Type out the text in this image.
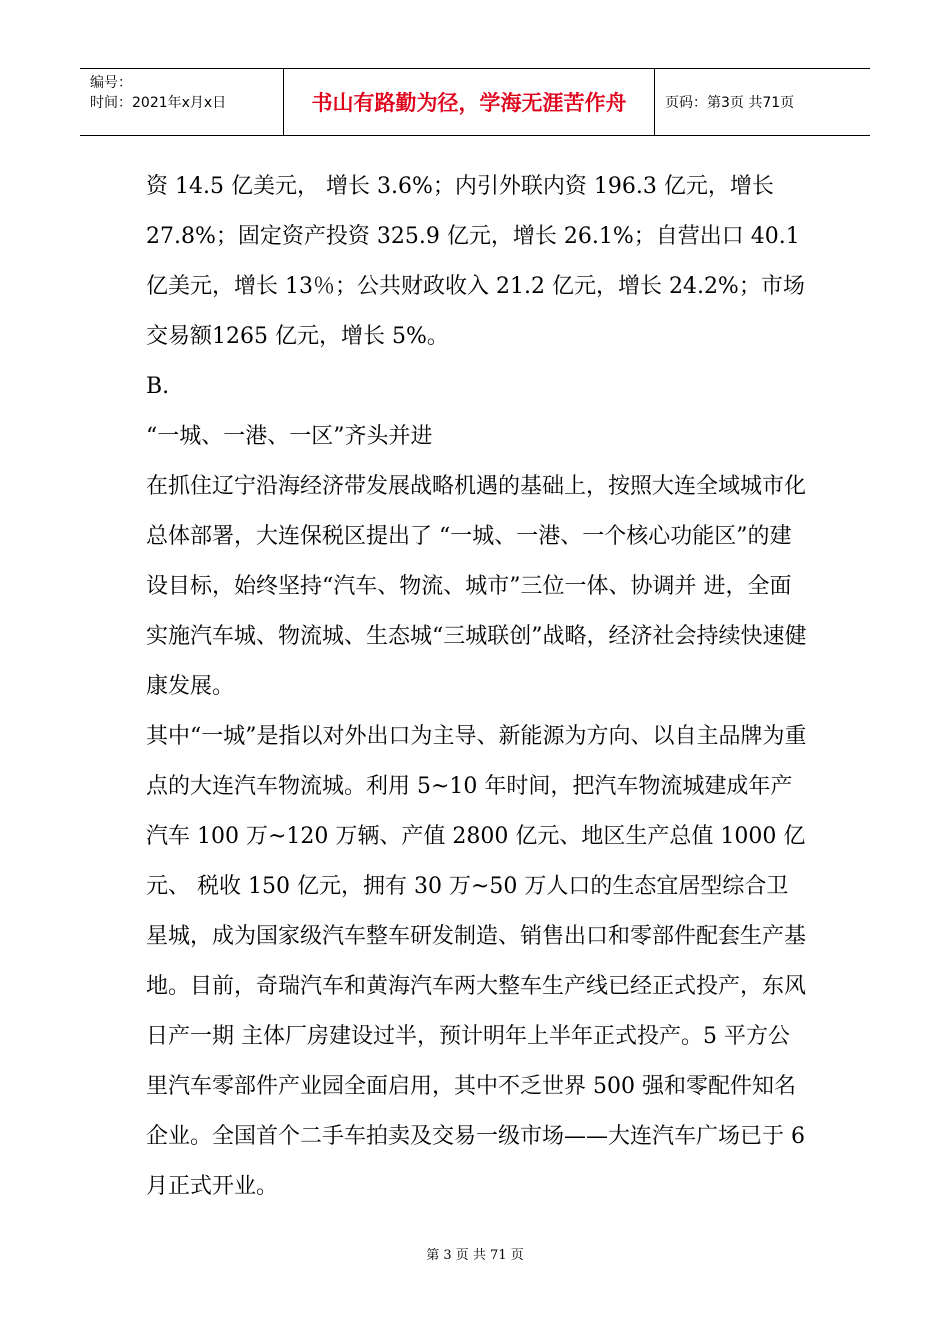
编号：
时间：2021年x月x日	书山有路勤为径，学海无涯苦作舟	页码：第3页 共71页

资 14.5 亿美元， 增长 3.6%；内引外联内资 196.3 亿元，增长 27.8%；固定资产投资 325.9 亿元，增长 26.1%；自营出口 40.1 亿美元，增长 13％；公共财政收入 21.2 亿元，增长 24.2%；市场交易额1265 亿元，增长 5%。

B.

“一城、一港、一区”齐头并进

在抓住辽宁沿海经济带发展战略机遇的基础上，按照大连全域城市化总体部署，大连保税区提出了 “一城、一港、一个核心功能区”的建设目标，始终坚持“汽车、物流、城市”三位一体、协调并 进，全面实施汽车城、物流城、生态城“三城联创”战略，经济社会持续快速健康发展。

其中“一城”是指以对外出口为主导、新能源为方向、以自主品牌为重点的大连汽车物流城。利用 5~10 年时间，把汽车物流城建成年产汽车 100 万~120 万辆、产值 2800 亿元、地区生产总值 1000 亿元、 税收 150 亿元，拥有 30 万~50 万人口的生态宜居型综合卫星城，成为国家级汽车整车研发制造、销售出口和零部件配套生产基地。目前，奇瑞汽车和黄海汽车两大整车生产线已经正式投产，东风日产一期 主体厂房建设过半，预计明年上半年正式投产。5 平方公里汽车零部件产业园全面启用，其中不乏世界 500 强和零配件知名企业。全国首个二手车拍卖及交易一级市场——大连汽车广场已于 6 月正式开业。

第 3 页 共 71 页
